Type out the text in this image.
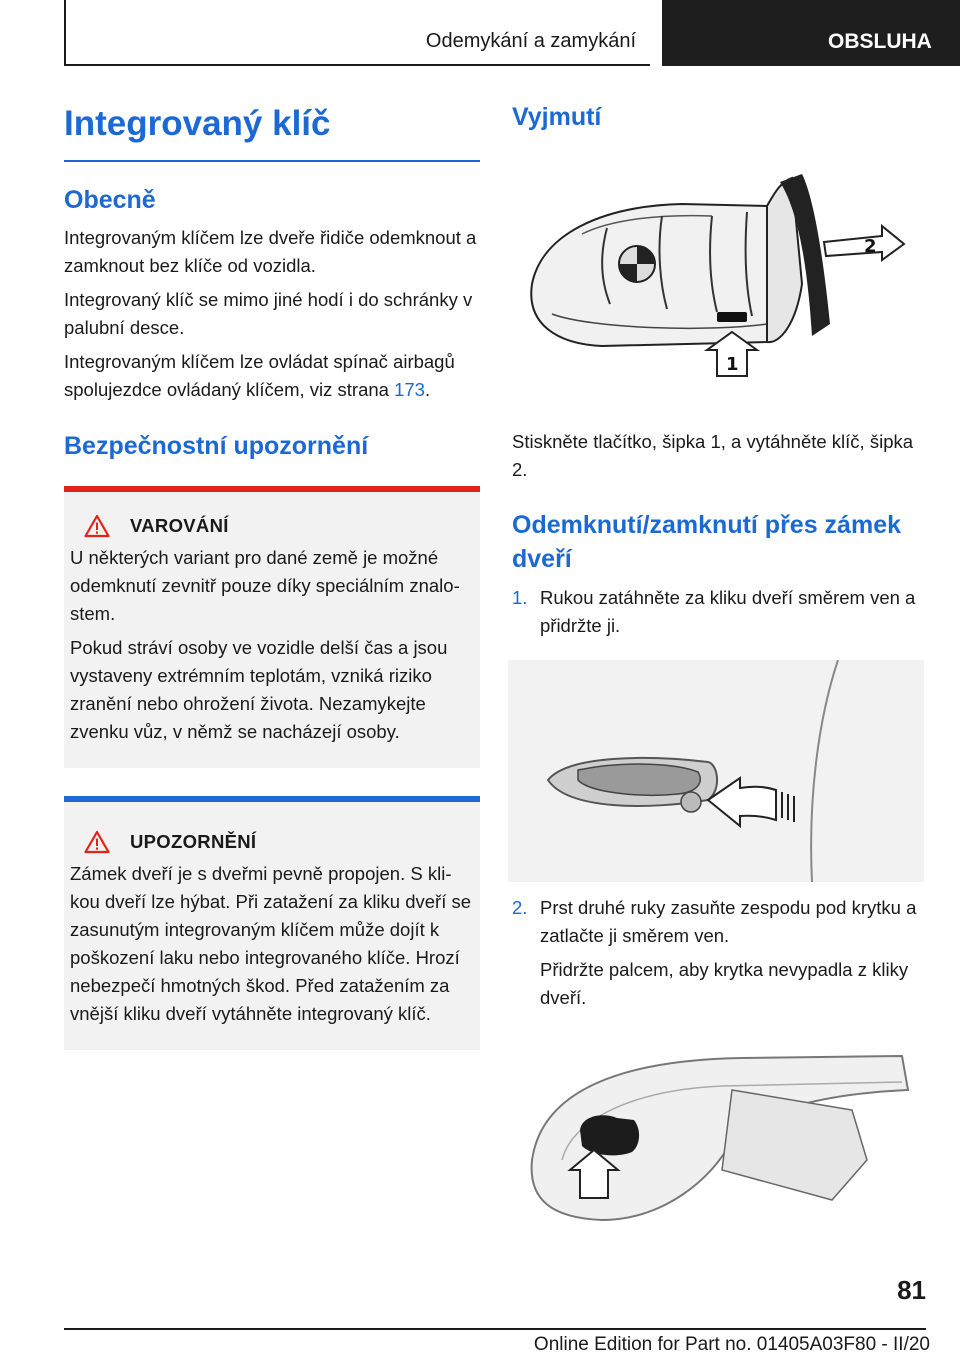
Odemykání a zamykání	OBSLUHA
Integrovaný klíč
Obecně

Integrovaným klíčem lze dveře řidiče odemknout a zamknout bez klíče od vozidla.

Integrovaný klíč se mimo jiné hodí i do schránky v palubní desce.

Integrovaným klíčem lze ovládat spínač airbagů spolujezdce ovládaný klíčem, viz strana 173.

Bezpečnostní upozornění
VAROVÁNÍ

U některých variant pro dané země je možné odemknutí zevnitř pouze díky speciálním znalostem.

Pokud stráví osoby ve vozidle delší čas a jsou vystaveny extrémním teplotám, vzniká riziko zranění nebo ohrožení života. Nezamykejte zvenku vůz, v němž se nacházejí osoby.

UPOZORNĚNÍ

Zámek dveří je s dveřmi pevně propojen. S klikou dveří lze hýbat. Při zatažení za kliku dveří se zasunutým integrovaným klíčem může dojít k poškození laku nebo integrovaného klíče. Hrozí nebezpečí hmotných škod. Před zatažením za vnější kliku dveří vytáhněte integrovaný klíč.

Vyjmutí
2
1

Stiskněte tlačítko, šipka 1, a vytáhněte klíč, šipka 2.

Odemknutí/zamknutí přes zámek dveří
1. Rukou zatáhněte za kliku dveří směrem ven a přidržte ji.
2. Prst druhé ruky zasuňte zespodu pod krytku a zatlačte ji směrem ven.

Přidržte palcem, aby krytka nevypadla z kliky dveří.

81
Online Edition for Part no. 01405A03F80 - II/20
